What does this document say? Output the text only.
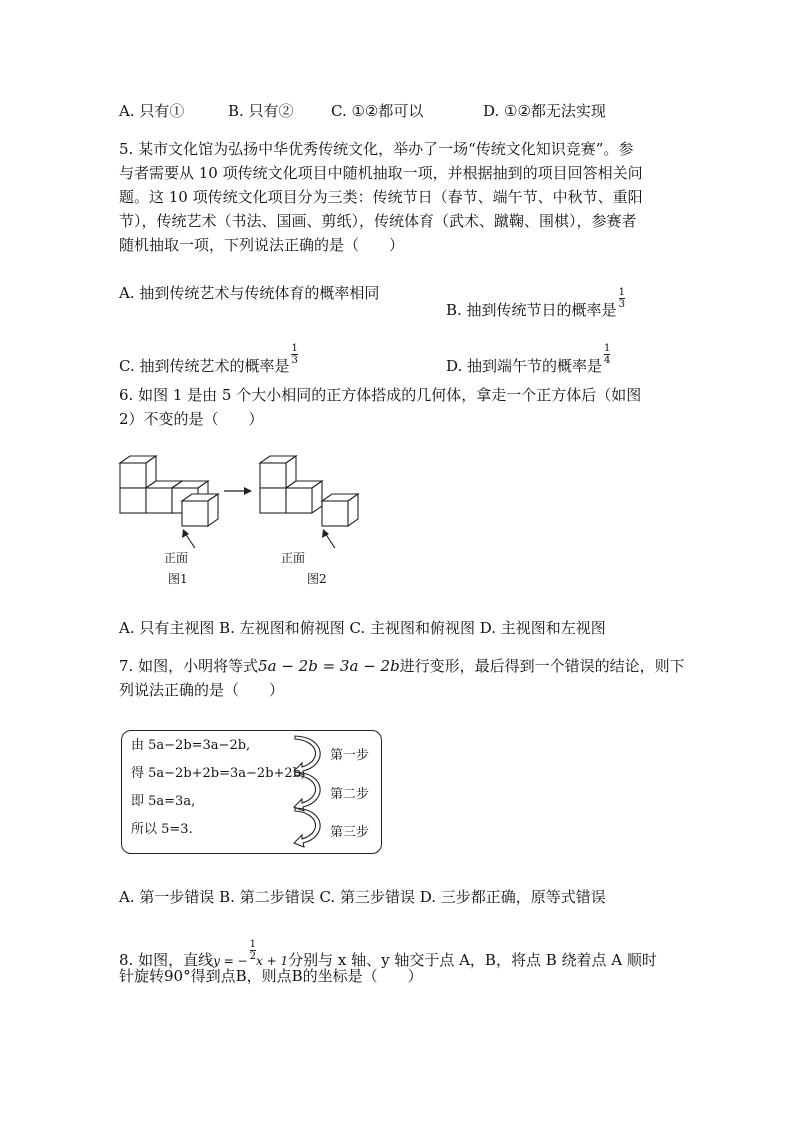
A. 只有①	B. 只有② C. ①②都可以	D. ①②都无法实现
5. 某市文化馆为弘扬中华优秀传统文化，举办了一场“传统文化知识竞赛”。参
与者需要从 10 项传统文化项目中随机抽取一项，并根据抽到的项目回答相关问
题。这 10 项传统文化项目分为三类：传统节日（春节、端午节、中秋节、重阳
节），传统艺术（书法、国画、剪纸），传统体育（武术、蹴鞠、围棋），参赛者
随机抽取一项，下列说法正确的是（　　）
A. 抽到传统艺术与传统体育的概率相同
B. 抽到传统节日的概率是 $\frac{1}{3}$
C. 抽到传统艺术的概率是 $\frac{1}{3}$	D. 抽到端午节的概率是 $\frac{1}{4}$
6. 如图 1 是由 5 个大小相同的正方体搭成的几何体，拿走一个正方体后（如图
2）不变的是（　　）
正面
图1
正面
图2
A. 只有主视图 B. 左视图和俯视图 C. 主视图和俯视图 D. 主视图和左视图
7. 如图，小明将等式5a − 2b = 3a − 2b进行变形，最后得到一个错误的结论，则下
列说法正确的是（　　）
由 5a−2b=3a−2b,
得 5a−2b+2b=3a−2b+2b,
即 5a=3a,
所以 5=3.
第一步
第二步
第三步
A. 第一步错误 B. 第二步错误 C. 第三步错误 D. 三步都正确，原等式错误
8. 如图，直线y = − $\frac{1}{2}$ x + 1分别与 x 轴、y 轴交于点 A，B，将点 B 绕着点 A 顺时
针旋转90°得到点B，则点B的坐标是（　　）
